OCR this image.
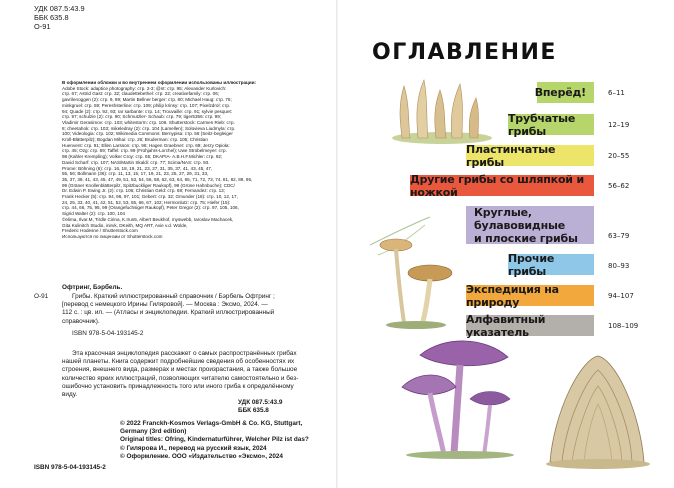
УДК 087.5:43.9
ББК 635.8
О-91
В оформлении обложки и во внутреннем оформлении использованы иллюстрации:
Adobe Stock: adaptice photography: стр. 2-3; @nt: стр. 95; Alexander Kurlovich:
стр. 67; Astrid Gast: стр. 32; claudettebethel: стр. 22; creativefamily: стр. 06;
gavrilenoggen (2): стр. 9, 99; Martin Bellner berger: стр. 80; Michael Haug: стр. 76;
minkgruel: стр. 59; Pereshsterline: стр. 109; philip krinsy: стр. 107; Pixelzdrol: стр.
94; Quade (2): стр. 92, 93; rar sarbante: стр. 14; Trouvaille: стр. 91; sylvie pesquet:
стр. 97; schulzie (2): стр. 90; Schmutzler- Schaub: стр. 79; tiger5356: стр. 99;
Vladimir Gerasimov: стр. 103; whitestorm: стр. 106. Shutterstock: Carmen Rieb: стр.
8; cheetahok: стр. 103; mikeledray (2): стр. 104 (Lamellen); Solovieva Liudmyla: стр.
100; Videologia: стр. 102; Wikimedia Commons: Bernypisa: стр. 58 (Seitz-begleiger
Kroll-Blätterpilz); Bogdan Mihai: стр. 26; Bruderman: стр. 105; Christian
Huenvent: стр. 91; Ellen Larsson: стр. 96; Hagen Graebner: стр. 69; Jerzy Opioła:
стр. 45; Ozg: стр. 69; Taffel: стр. 99 (Frühjahrs-Lorchel); Uwe Strobelmeyer: стр.
98 (Kahler Krempling); Volker Croy: стр. 65; DKAPIA- A.B.H.F.Michler: стр. 92;
David Scharf: стр. 107; NAS/Martin Skaldi: стр. 77; Scima/NAS: стр. 93.
Prome: Böhning (6): стр. 16, 18, 19, 21, 23, 27, 31, 35, 37, 41, 43, 45, 47,
55, 56; Bollmann (36): стр. 11, 13, 15, 17, 19, 21, 23, 25, 27, 29, 31, 33,
35, 37, 39, 41, 43, 45, 47, 49, 51, 53, 54, 56, 58, 62, 63, 64, 65, 71, 72, 73, 74, 81, 82, 89, 95,
99 (Gräner Knollenblätterpilz, Spitzbuckliger Raukopf), 99 (Grüne Hahnbuche); CDC/
Dr. Edwin P. Ewing Jr. (2): стр. 106; Christian Geld: стр. 68; Fernandez: стр. 13;
Frank Hecker (5): стр. 94, 96, 97, 101; Gebert: стр. 32; Gmunder (18): стр. 10, 12, 17,
24, 25, 33, 40, 41, 42, 51, 52, 53, 55, 66, 67, 102; Hermonlutz: стр. 75; Hiefer (15):
стр. 44, 66, 75, 95, 99 (Orangefuchsiger Raukopf), Peter Gregor (2): стр. 97, 105, 106,
Sigrid Walter (2): стр. 100, 104
©elima, Ilvar.M, Tirdle Cirina, K.Irun5, Albert Beukhof, myswebb, Iaroslav Machacek,
Gita Kulinitch Studio, inirvk, DKeith, MQ ART, Avie v.d. Wolde,
Frederic Hodesne / Shutterstock.com
Используются по лицензии от Shutterstock.com
Офтринг, Бэрбель.
О-91	Грибы. Краткий иллюстрированный справочник / Бэрбель Офтринг ;
[перевод с немецкого Ирины Гиляровой]. — Москва : Эксмо, 2024. —
112 с. : цв. ил. — (Атласы и энциклопедии. Краткий иллюстрированный
справочник).
ISBN 978-5-04-193145-2
Эта красочная энциклопедия расскажет о самых распространённых грибах
нашей планеты. Книга содержит подробнейшие сведения об особенностях их
строения, внешнего вида, размерах и местах произрастания, а также большое
количество ярких иллюстраций, позволяющих читателю самостоятельно и без-
ошибочно установить принадлежность того или иного гриба к определённому
виду.
УДК 087.5:43.9
ББК 635.8
© 2022 Franckh-Kosmos Verlags-GmbH & Co. KG, Stuttgart,
Germany (3rd edition)
Original titles: Ofring, Kindernaturführer, Welcher Pilz ist das?
© Гилярова И., перевод на русский язык, 2024
© Оформление. ООО «Издательство «Эксмо», 2024
ISBN 978-5-04-193145-2
ОГЛАВЛЕНИЕ
Вперёд!	6–11
Трубчатые грибы	12–19
Пластинчатые грибы	20–55
Другие грибы со шляпкой и ножкой	56–62
Круглые, булавовидные
и плоские грибы	63–79
Прочие грибы	80–93
Экспедиция на природу	94–107
Алфавитный указатель	108–109
